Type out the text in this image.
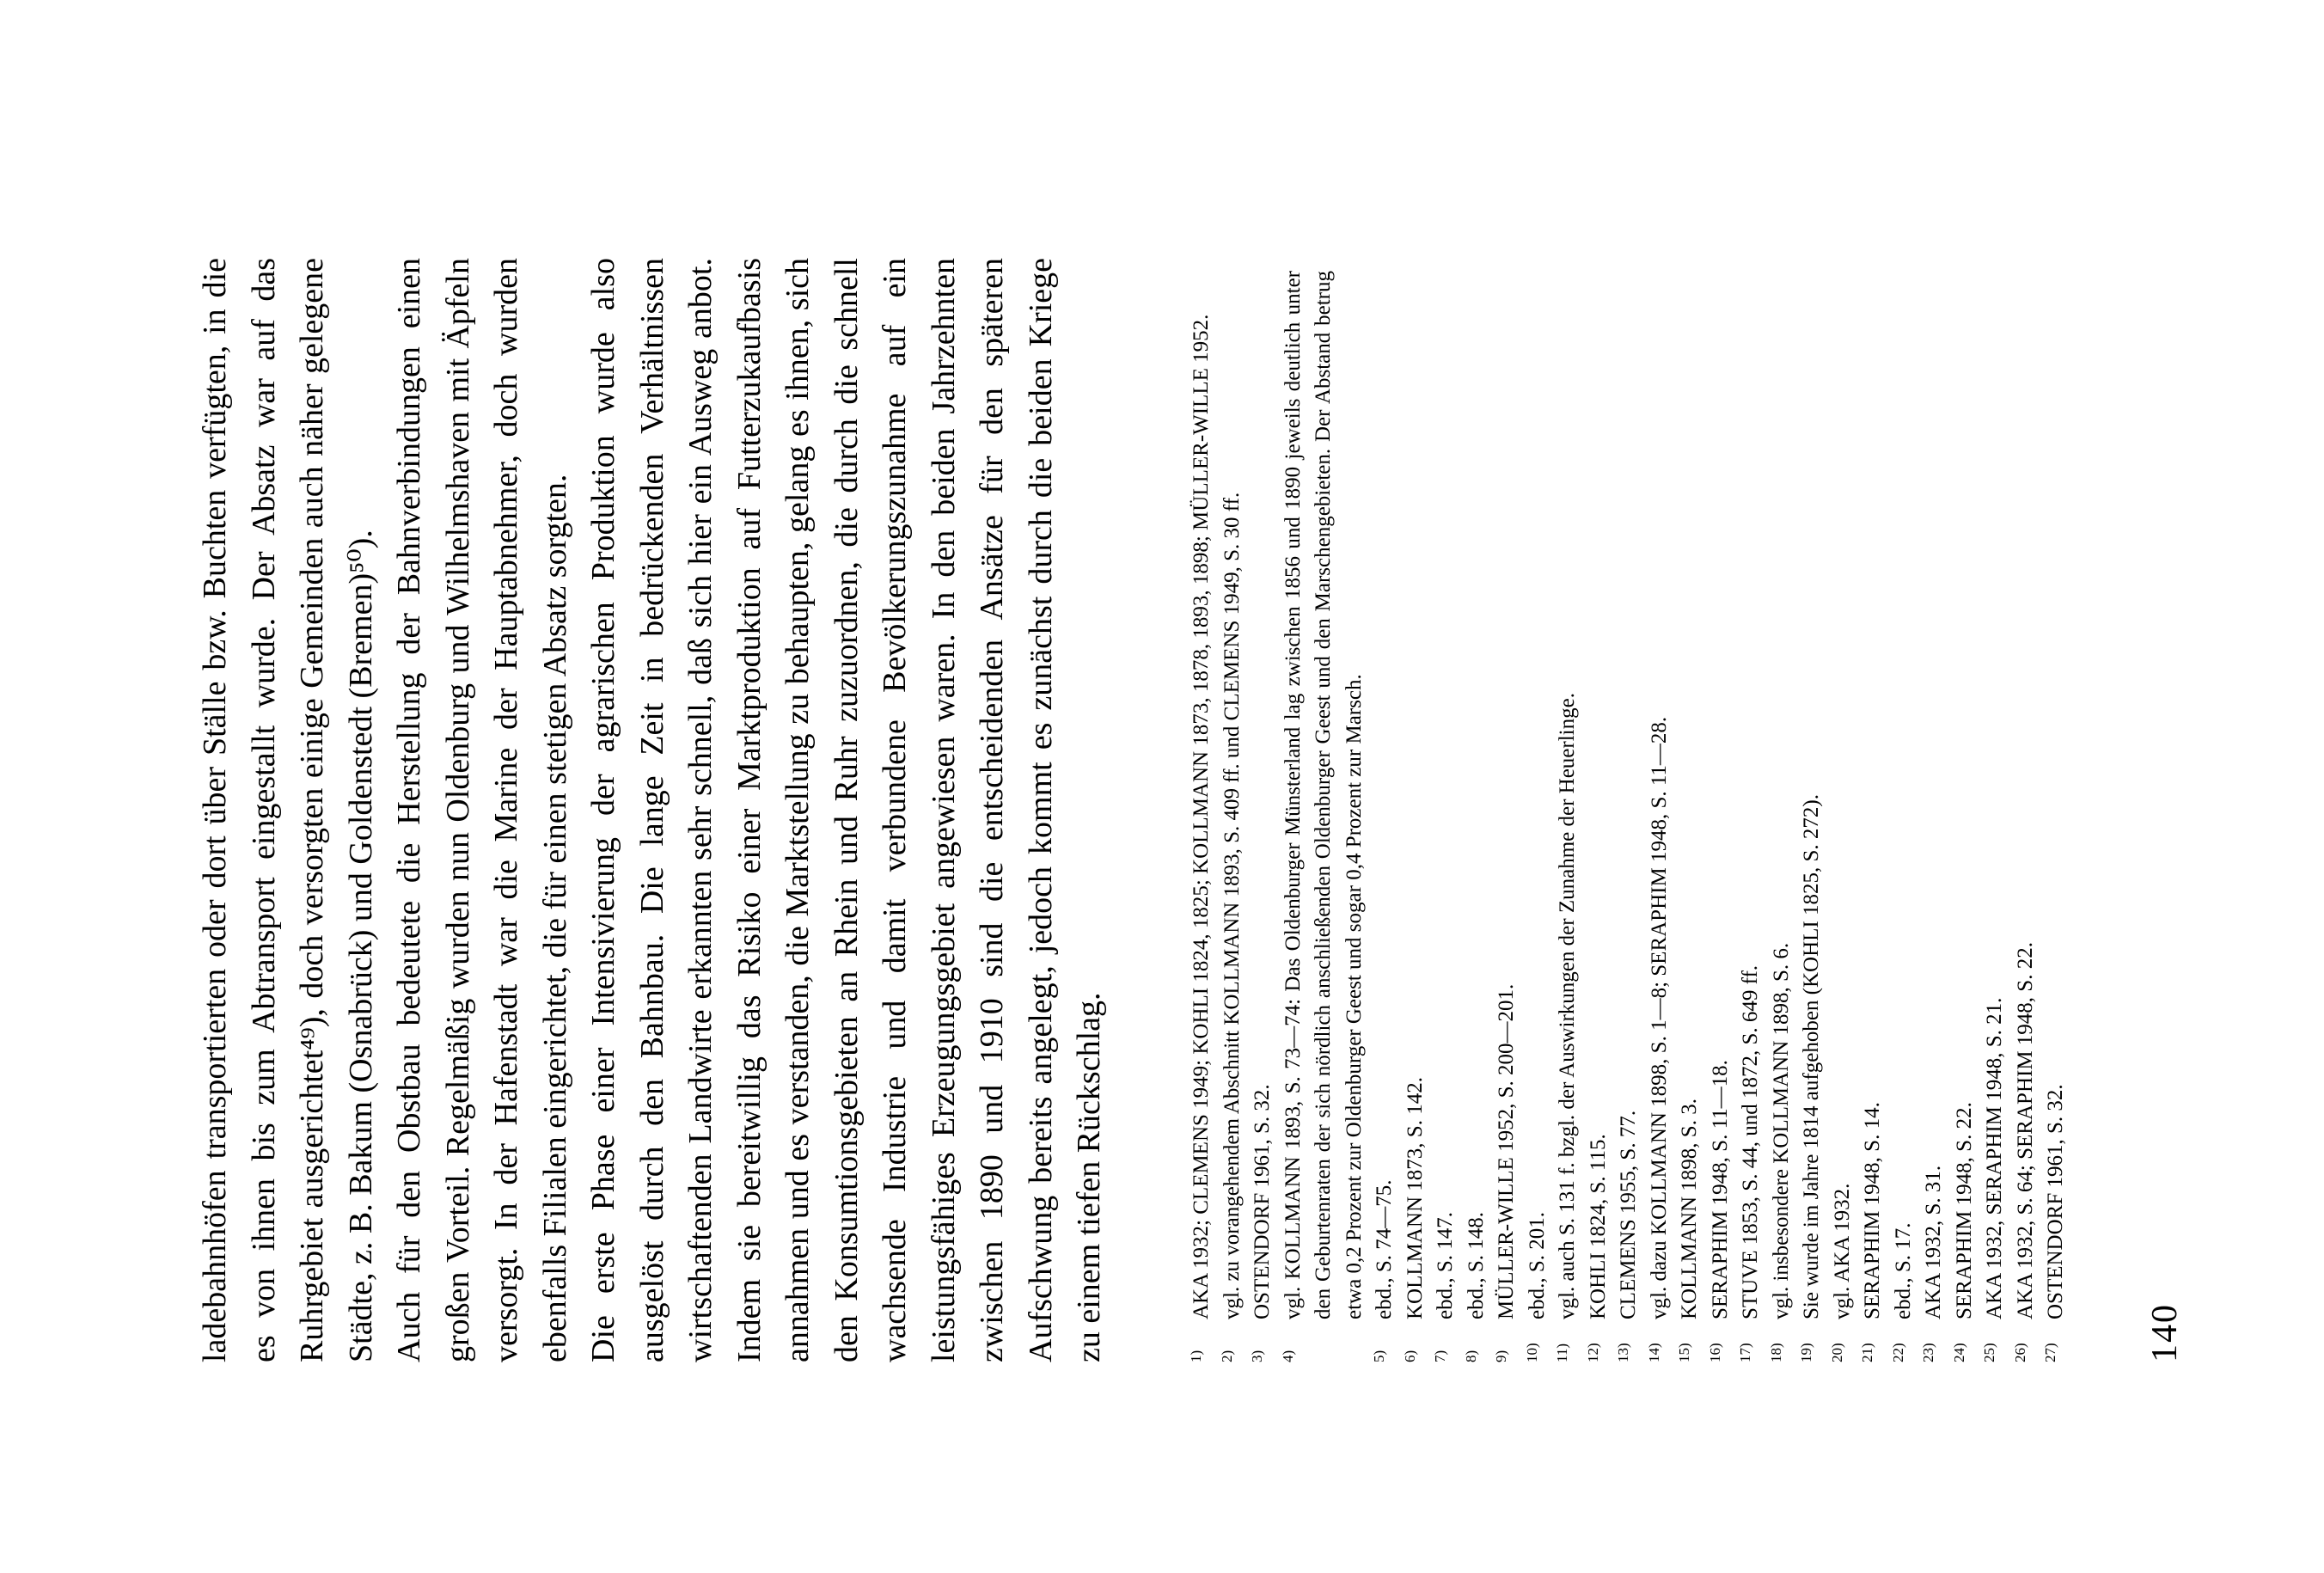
ladebahnhöfen transportierten oder dort über Ställe bzw. Buchten verfügten, in die es von ihnen bis zum Abtransport eingestallt wurde. Der Absatz war auf das Ruhrgebiet ausgerichtet⁴⁹), doch versorgten einige Gemeinden auch näher gelegene Städte, z. B. Bakum (Osnabrück) und Goldenstedt (Bremen)⁵⁰). Auch für den Obstbau bedeutete die Herstellung der Bahnverbindungen einen großen Vorteil. Regelmäßig wurden nun Oldenburg und Wilhelmshaven mit Äpfeln versorgt. In der Hafenstadt war die Marine der Hauptabnehmer, doch wurden ebenfalls Filialen eingerichtet, die für einen stetigen Absatz sorgten. Die erste Phase einer Intensivierung der agrarischen Produktion wurde also ausgelöst durch den Bahnbau. Die lange Zeit in bedrückenden Verhältnissen wirtschaftenden Landwirte erkannten sehr schnell, daß sich hier ein Ausweg anbot. Indem sie bereitwillig das Risiko einer Marktproduktion auf Futterzukaufbasis annahmen und es verstanden, die Marktstellung zu behaupten, gelang es ihnen, sich den Konsumtionsgebieten an Rhein und Ruhr zuzuordnen, die durch die schnell wachsende Industrie und damit verbundene Bevölkerungszunahme auf ein leistungsfähiges Erzeugungsgebiet angewiesen waren. In den beiden Jahrzehnten zwischen 1890 und 1910 sind die entscheidenden Ansätze für den späteren Aufschwung bereits angelegt, jedoch kommt es zunächst durch die beiden Kriege zu einem tiefen Rückschlag.	1)
AKA 1932; CLEMENS 1949; KOHLI 1824, 1825; KOLLMANN 1873, 1878, 1893, 1898; MÜLLER-WILLE 1952.
2)
vgl. zu vorangehendem Abschnitt KOLLMANN 1893, S. 409 ff. und CLEMENS 1949, S. 30 ff.
3)
OSTENDORF 1961, S. 32.
4)
vgl. KOLLMANN 1893, S. 73—74: Das Oldenburger Münsterland lag zwischen 1856 und 1890 jeweils deutlich unter den Geburtenraten der sich nördlich anschließenden Oldenburger Geest und den Marschengebieten. Der Abstand betrug etwa 0,2 Prozent zur Oldenburger Geest und sogar 0,4 Prozent zur Marsch.
5)
ebd., S. 74—75.
6)
KOLLMANN 1873, S. 142.
7)
ebd., S. 147.
8)
ebd., S. 148.
9)
MÜLLER-WILLE 1952, S. 200—201.
10)
ebd., S. 201.
11)
vgl. auch S. 131 f. bzgl. der Auswirkungen der Zunahme der Heuerlinge.
12)
KOHLI 1824, S. 115.
13)
CLEMENS 1955, S. 77.
14)
vgl. dazu KOLLMANN 1898, S. 1—8; SERAPHIM 1948, S. 11—28.
15)
KOLLMANN 1898, S. 3.
16)
SERAPHIM 1948, S. 11—18.
17)
STUVE 1853, S. 44, und 1872, S. 649 ff.
18)
vgl. insbesondere KOLLMANN 1898, S. 6.
19)
Sie wurde im Jahre 1814 aufgehoben (KOHLI 1825, S. 272).
20)
vgl. AKA 1932.
21)
SERAPHIM 1948, S. 14.
22)
ebd., S. 17.
23)
AKA 1932, S. 31.
24)
SERAPHIM 1948, S. 22.
25)
AKA 1932, SERAPHIM 1948, S. 21.
26)
AKA 1932, S. 64; SERAPHIM 1948, S. 22.
27)
OSTENDORF 1961, S. 32.
140
